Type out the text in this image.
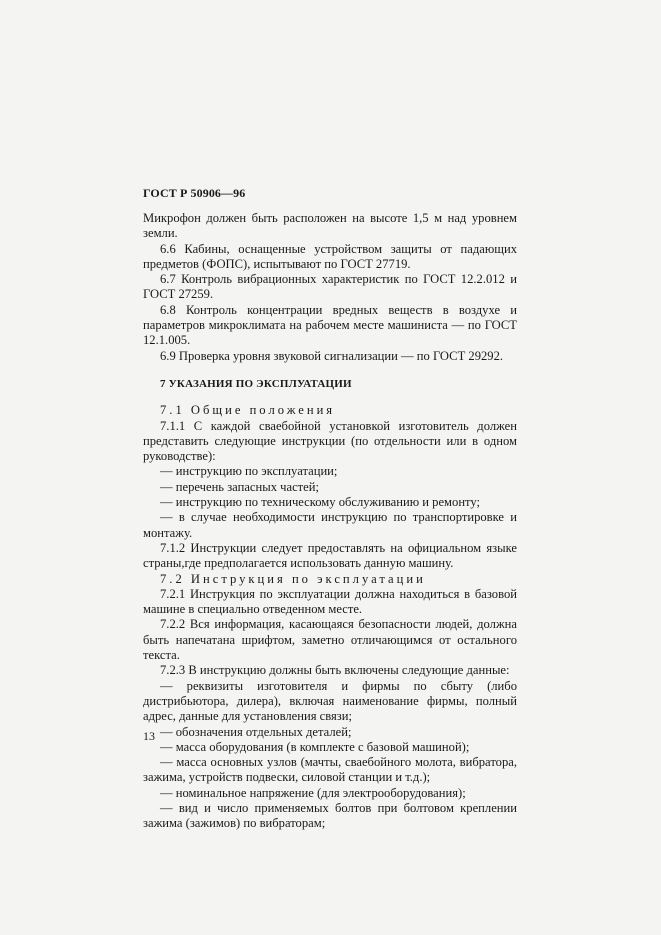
ГОСТ Р 50906—96

Микрофон должен быть расположен на высоте 1,5 м над уровнем земли.

6.6 Кабины, оснащенные устройством защиты от падающих предметов (ФОПС), испытывают по ГОСТ 27719.

6.7 Контроль вибрационных характеристик по ГОСТ 12.2.012 и ГОСТ 27259.

6.8 Контроль концентрации вредных веществ в воздухе и параметров микроклимата на рабочем месте машиниста — по ГОСТ 12.1.005.

6.9 Проверка уровня звуковой сигнализации — по ГОСТ 29292.

7 УКАЗАНИЯ ПО ЭКСПЛУАТАЦИИ

7.1 Общие положения

7.1.1 С каждой сваебойной установкой изготовитель должен представить следующие инструкции (по отдельности или в одном руководстве):

— инструкцию по эксплуатации;

— перечень запасных частей;

— инструкцию по техническому обслуживанию и ремонту;

— в случае необходимости инструкцию по транспортировке и монтажу.

7.1.2 Инструкции следует предоставлять на официальном языке страны,где предполагается использовать данную машину.

7.2 Инструкция по эксплуатации

7.2.1 Инструкция по эксплуатации должна находиться в базовой машине в специально отведенном месте.

7.2.2 Вся информация, касающаяся безопасности людей, должна быть напечатана шрифтом, заметно отличающимся от остального текста.

7.2.3 В инструкцию должны быть включены следующие данные:

— реквизиты изготовителя и фирмы по сбыту (либо дистрибьютора, дилера), включая наименование фирмы, полный адрес, данные для установления связи;

— обозначения отдельных деталей;

— масса оборудования (в комплекте с базовой машиной);

— масса основных узлов (мачты, сваебойного молота, вибратора, зажима, устройств подвески, силовой станции и т.д.);

— номинальное напряжение (для электрооборудования);

— вид и число применяемых болтов при болтовом креплении зажима (зажимов) по вибраторам;

13
